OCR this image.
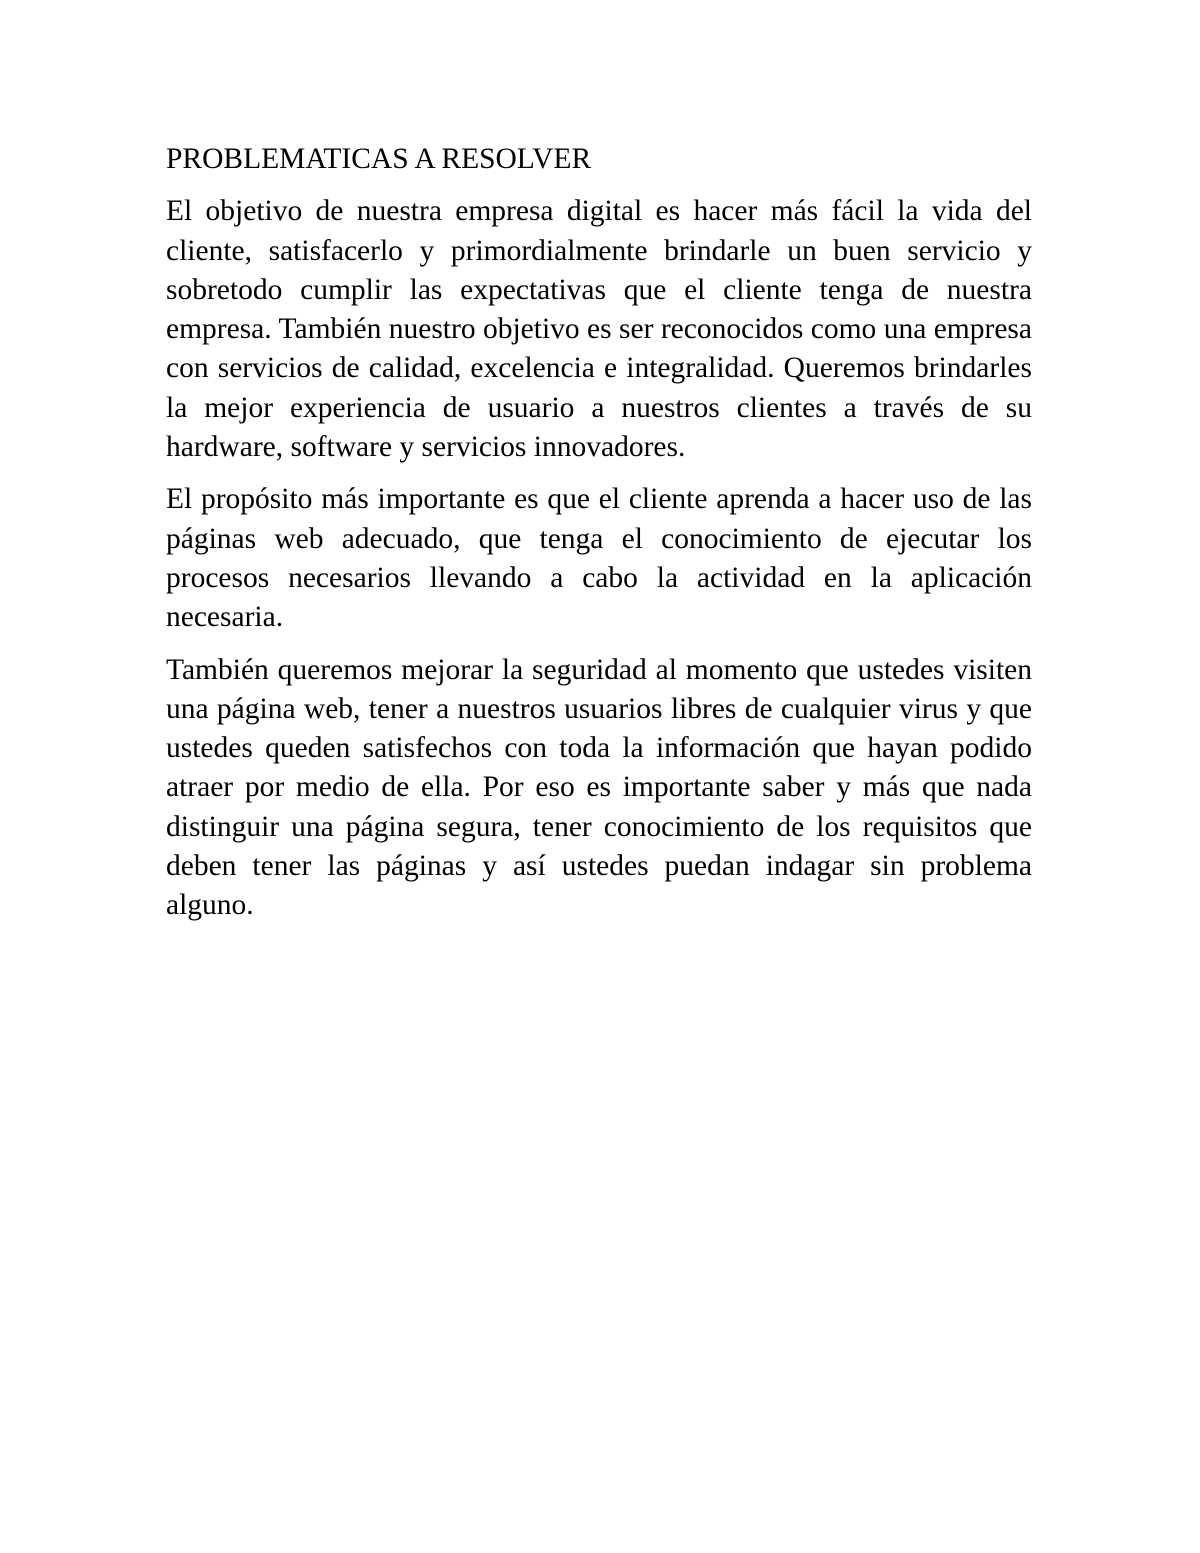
PROBLEMATICAS A RESOLVER

El objetivo de nuestra empresa digital es hacer más fácil la vida del cliente, satisfacerlo y primordialmente brindarle un buen servicio y sobretodo cumplir las expectativas que el cliente tenga de nuestra empresa. También nuestro objetivo es ser reconocidos como una empresa con servicios de calidad, excelencia e integralidad. Queremos brindarles la mejor experiencia de usuario a nuestros clientes a través de su hardware, software y servicios innovadores.

El propósito más importante es que el cliente aprenda a hacer uso de las páginas web adecuado, que tenga el conocimiento de ejecutar los procesos necesarios llevando a cabo la actividad en la aplicación necesaria.

También queremos mejorar la seguridad al momento que ustedes visiten una página web, tener a nuestros usuarios libres de cualquier virus y que ustedes queden satisfechos con toda la información que hayan podido atraer por medio de ella. Por eso es importante saber y más que nada distinguir una página segura, tener conocimiento de los requisitos que deben tener las páginas y así ustedes puedan indagar sin problema alguno.
